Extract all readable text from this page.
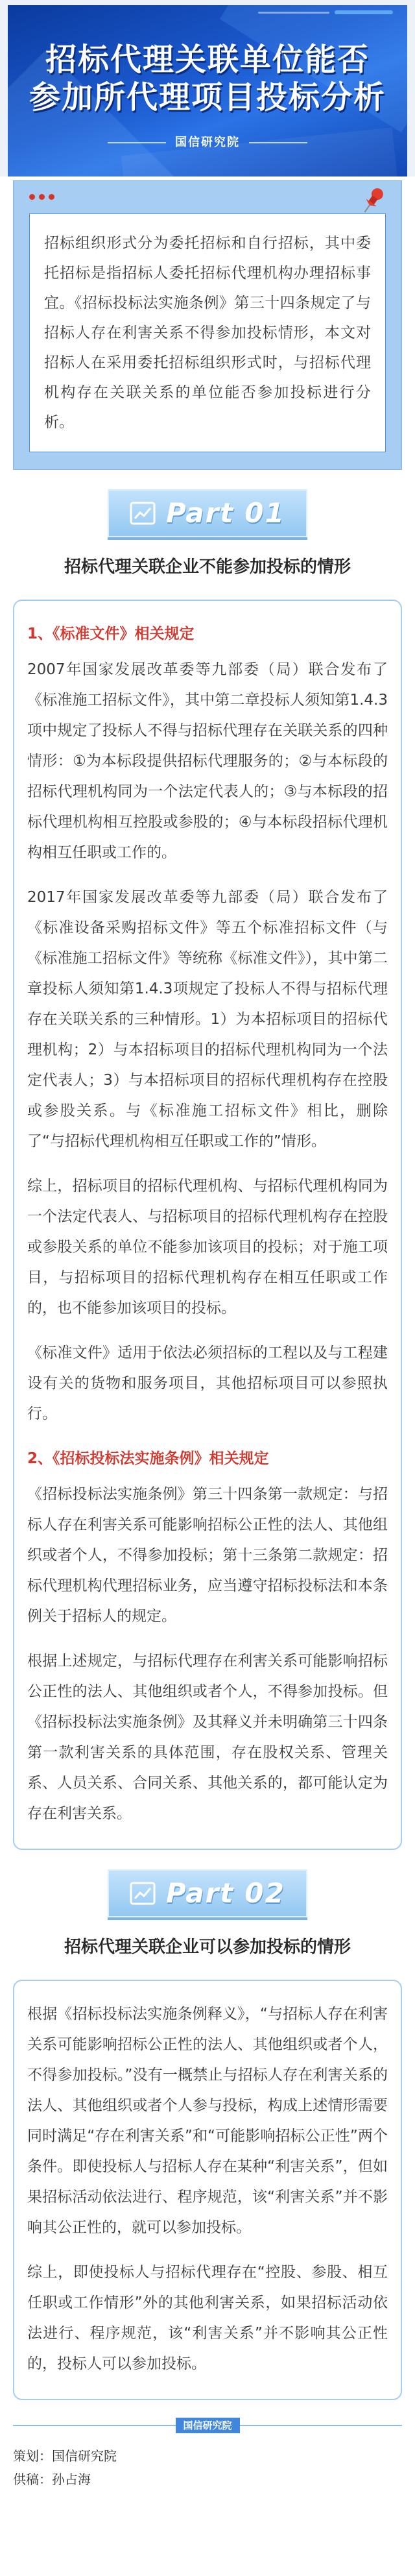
招标代理关联单位能否
参加所代理项目投标分析
国信研究院

招标组织形式分为委托招标和自行招标，其中委托招标是指招标人委托招标代理机构办理招标事宜。《招标投标法实施条例》第三十四条规定了与招标人存在利害关系不得参加投标情形，本文对招标人在采用委托招标组织形式时，与招标代理机构存在关联关系的单位能否参加投标进行分析。

Part 01
招标代理关联企业不能参加投标的情形
1、《标准文件》相关规定

2007年国家发展改革委等九部委（局）联合发布了《标准施工招标文件》，其中第二章投标人须知第1.4.3项中规定了投标人不得与招标代理存在关联关系的四种情形：①为本标段提供招标代理服务的；②与本标段的招标代理机构同为一个法定代表人的；③与本标段的招标代理机构相互控股或参股的；④与本标段招标代理机构相互任职或工作的。

2017年国家发展改革委等九部委（局）联合发布了《标准设备采购招标文件》等五个标准招标文件（与《标准施工招标文件》等统称《标准文件》），其中第二章投标人须知第1.4.3项规定了投标人不得与招标代理存在关联关系的三种情形。1）为本招标项目的招标代理机构；2）与本招标项目的招标代理机构同为一个法定代表人；3）与本招标项目的招标代理机构存在控股或参股关系。与《标准施工招标文件》相比，删除了“与招标代理机构相互任职或工作的”情形。

综上，招标项目的招标代理机构、与招标代理机构同为一个法定代表人、与招标项目的招标代理机构存在控股或参股关系的单位不能参加该项目的投标；对于施工项目，与招标项目的招标代理机构存在相互任职或工作的，也不能参加该项目的投标。

《标准文件》适用于依法必须招标的工程以及与工程建设有关的货物和服务项目，其他招标项目可以参照执行。

2、《招标投标法实施条例》相关规定

《招标投标法实施条例》第三十四条第一款规定：与招标人存在利害关系可能影响招标公正性的法人、其他组织或者个人，不得参加投标；第十三条第二款规定：招标代理机构代理招标业务，应当遵守招标投标法和本条例关于招标人的规定。

根据上述规定，与招标代理存在利害关系可能影响招标公正性的法人、其他组织或者个人，不得参加投标。但《招标投标法实施条例》及其释义并未明确第三十四条第一款利害关系的具体范围，存在股权关系、管理关系、人员关系、合同关系、其他关系的，都可能认定为存在利害关系。

Part 02
招标代理关联企业可以参加投标的情形

根据《招标投标法实施条例释义》，“与招标人存在利害关系可能影响招标公正性的法人、其他组织或者个人，不得参加投标。”没有一概禁止与招标人存在利害关系的法人、其他组织或者个人参与投标，构成上述情形需要同时满足“存在利害关系”和“可能影响招标公正性”两个条件。即使投标人与招标人存在某种“利害关系”，但如果招标活动依法进行、程序规范，该“利害关系”并不影响其公正性的，就可以参加投标。

综上，即使投标人与招标代理存在“控股、参股、相互任职或工作情形”外的其他利害关系，如果招标活动依法进行、程序规范，该“利害关系”并不影响其公正性的，投标人可以参加投标。

国信研究院
策划：国信研究院
供稿：孙占海
